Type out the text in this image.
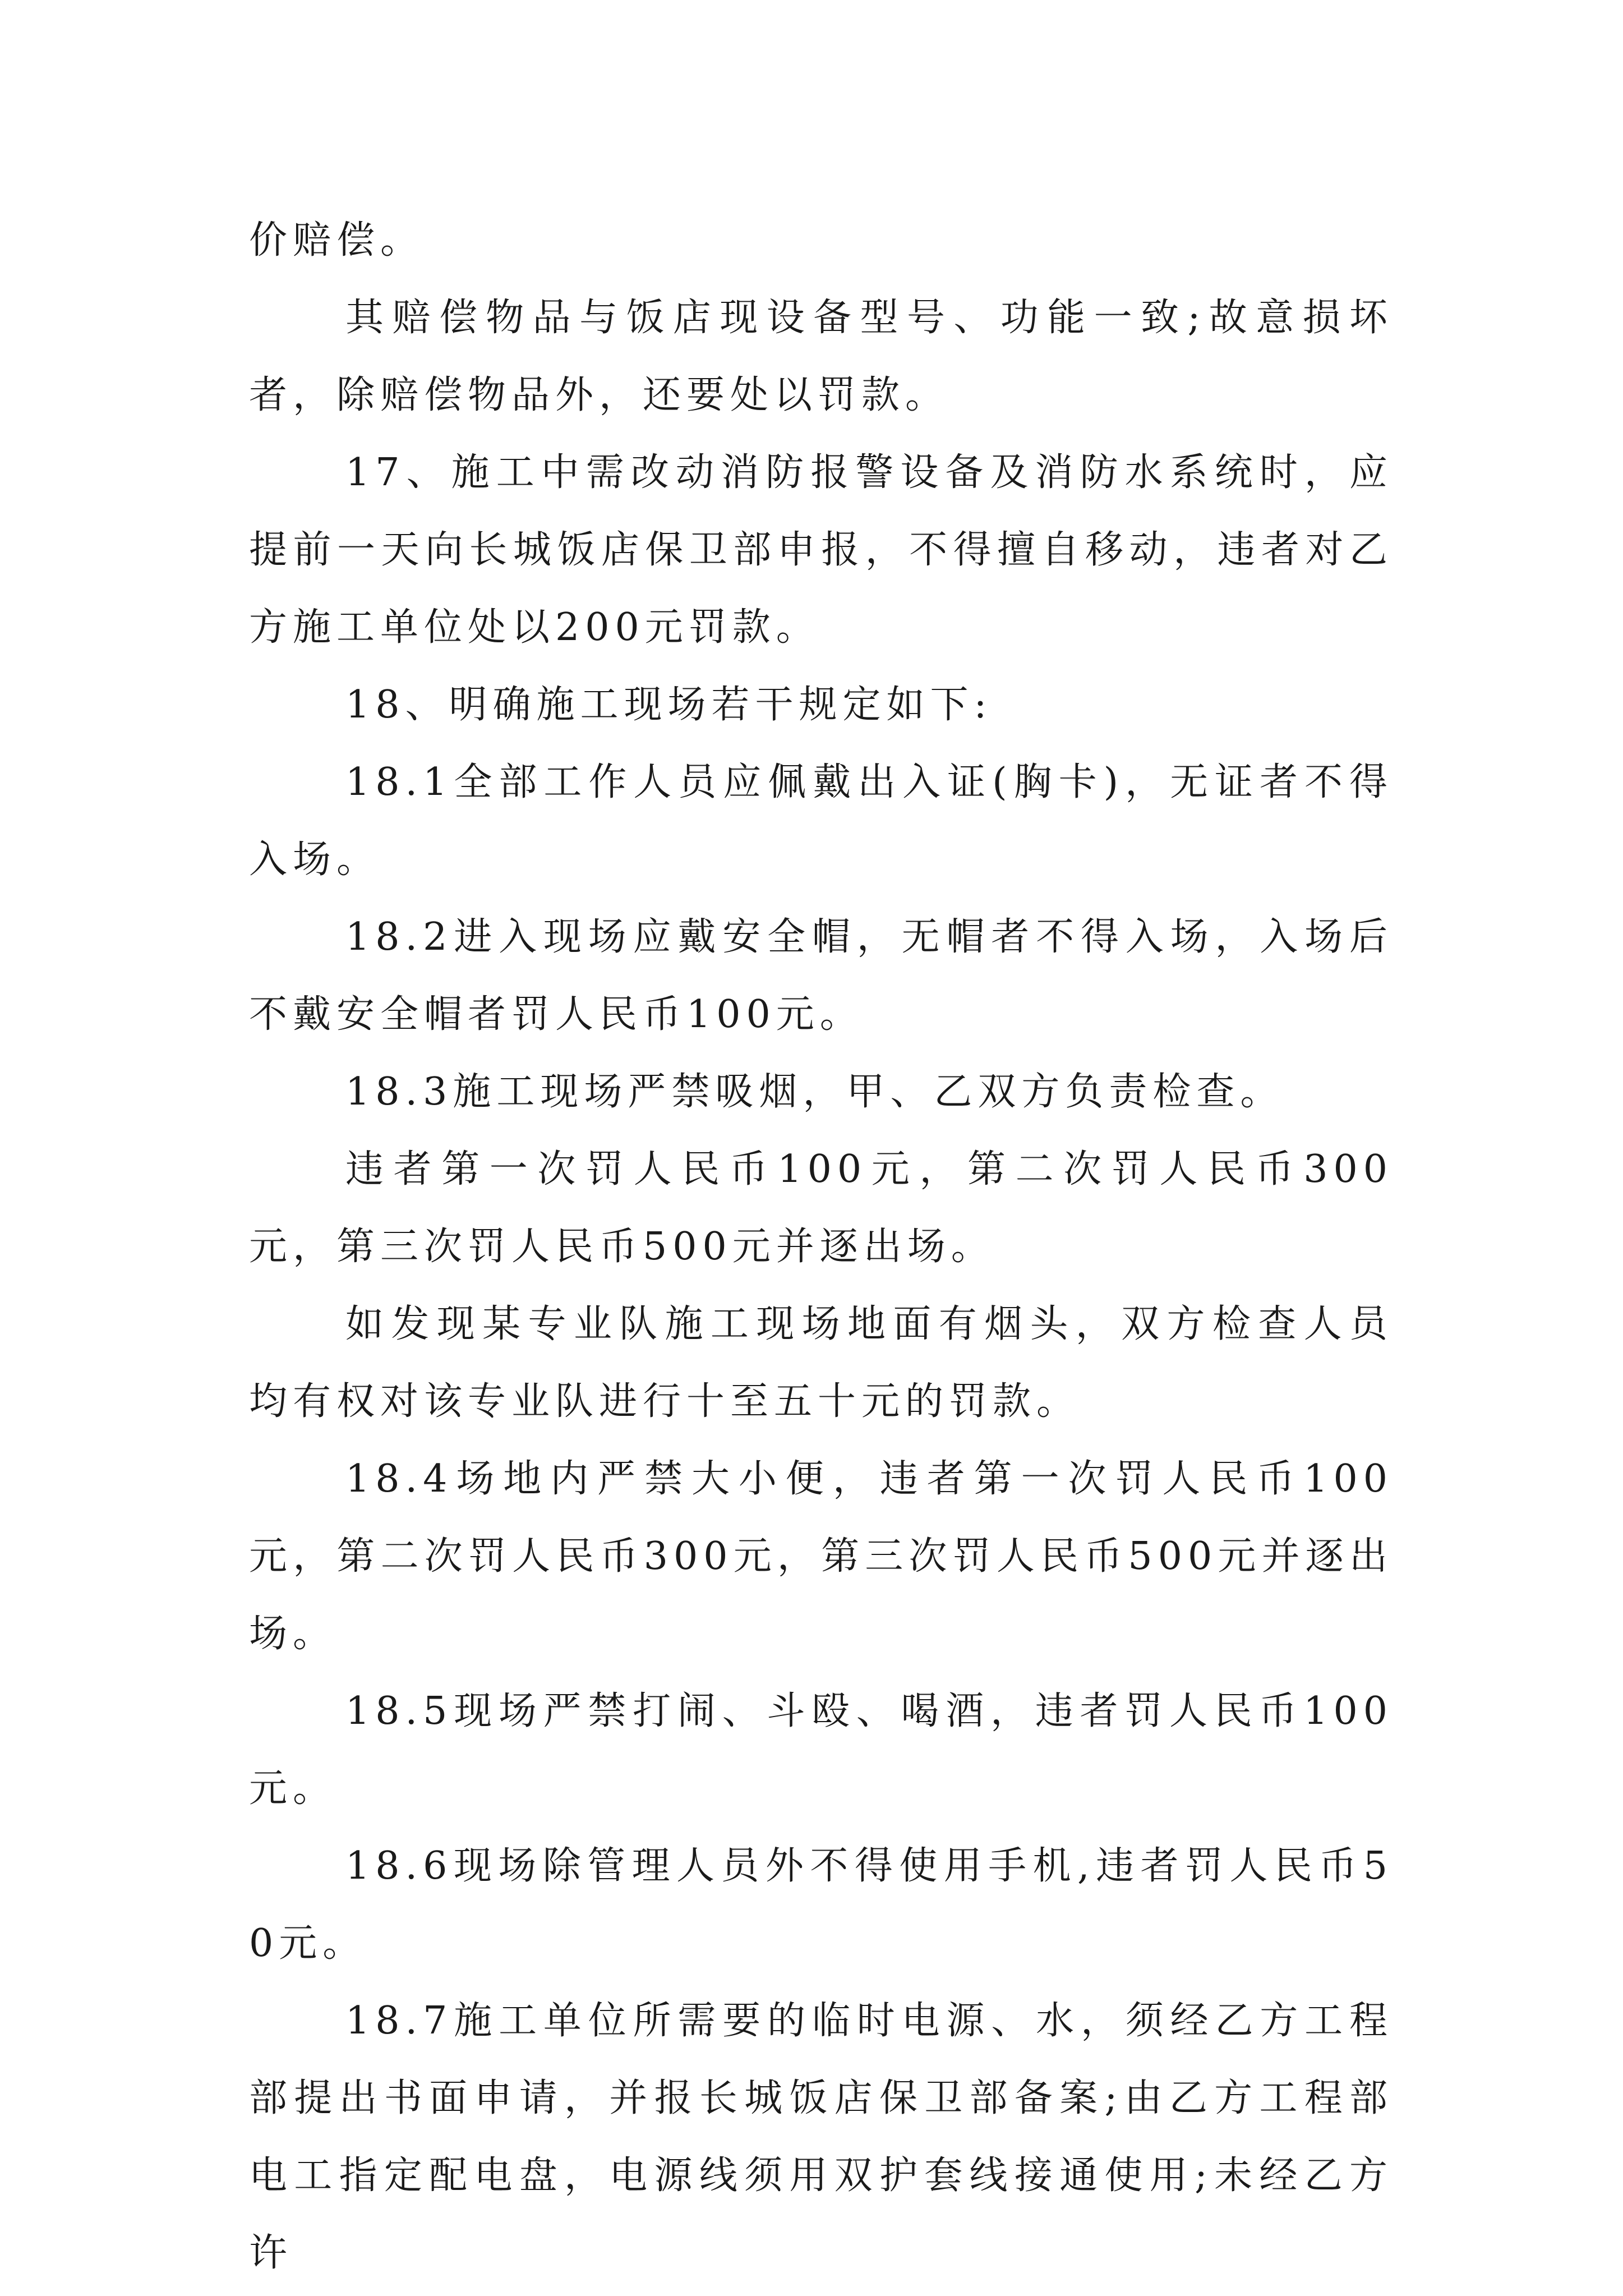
价赔偿。

其赔偿物品与饭店现设备型号、功能一致;故意损坏者，除赔偿物品外，还要处以罚款。

17、施工中需改动消防报警设备及消防水系统时，应提前一天向长城饭店保卫部申报，不得擅自移动，违者对乙方施工单位处以200元罚款。

18、明确施工现场若干规定如下:

18.1全部工作人员应佩戴出入证(胸卡)，无证者不得入场。

18.2进入现场应戴安全帽，无帽者不得入场，入场后不戴安全帽者罚人民币100元。

18.3施工现场严禁吸烟，甲、乙双方负责检查。

违者第一次罚人民币100元，第二次罚人民币300元，第三次罚人民币500元并逐出场。

如发现某专业队施工现场地面有烟头，双方检查人员均有权对该专业队进行十至五十元的罚款。

18.4场地内严禁大小便，违者第一次罚人民币100元，第二次罚人民币300元，第三次罚人民币500元并逐出场。

18.5现场严禁打闹、斗殴、喝酒，违者罚人民币100元。

18.6现场除管理人员外不得使用手机,违者罚人民币50元。

18.7施工单位所需要的临时电源、水，须经乙方工程部提出书面申请，并报长城饭店保卫部备案;由乙方工程部电工指定配电盘，电源线须用双护套线接通使用;未经乙方许
